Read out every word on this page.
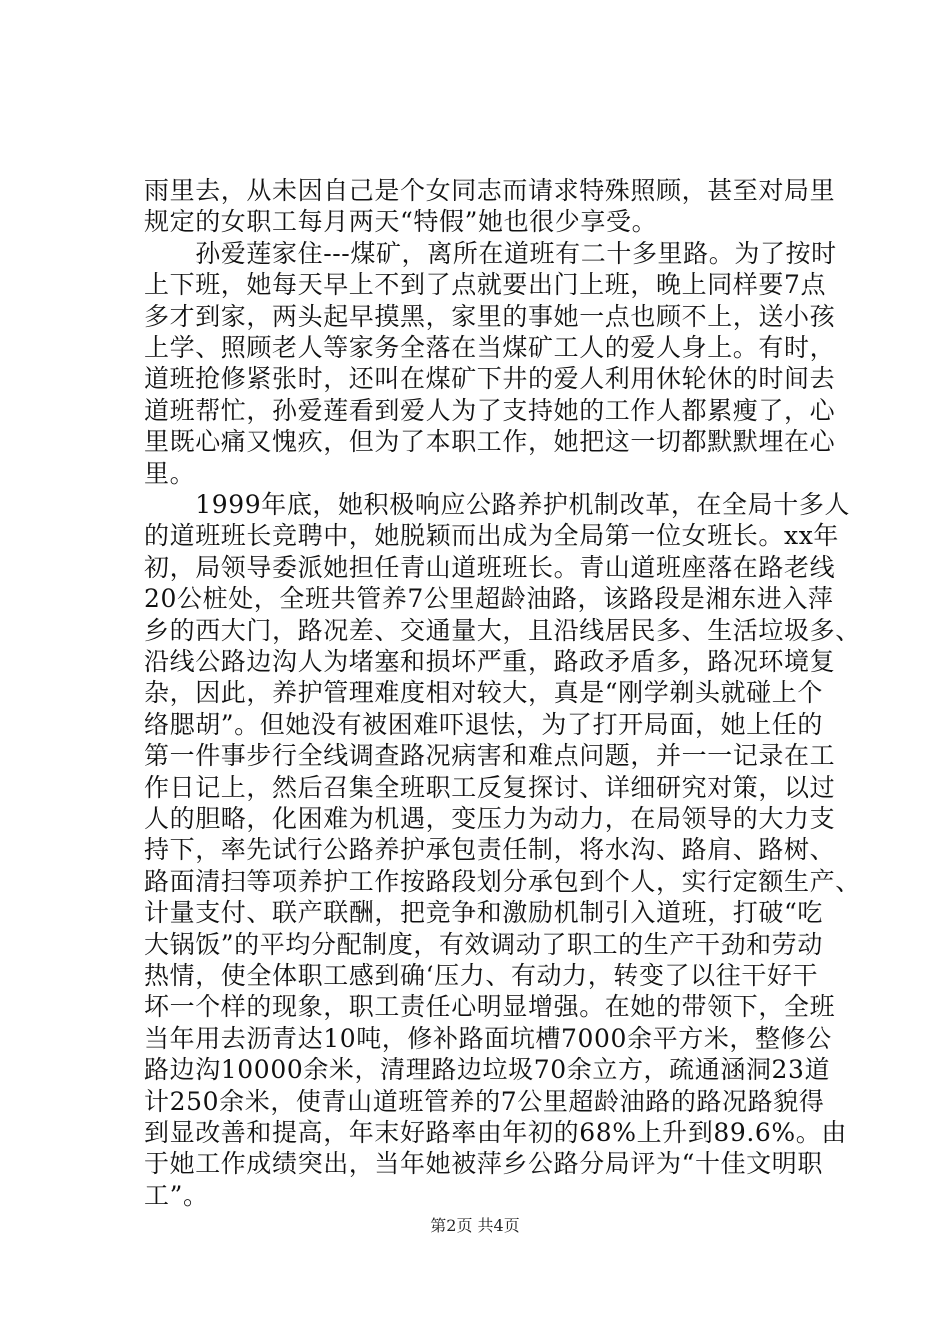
雨里去，从未因自己是个女同志而请求特殊照顾，甚至对局里
规定的女职工每月两天“特假”她也很少享受。
　　孙爱莲家住---煤矿，离所在道班有二十多里路。为了按时
上下班，她每天早上不到了点就要出门上班，晚上同样要7点
多才到家，两头起早摸黑，家里的事她一点也顾不上，送小孩
上学、照顾老人等家务全落在当煤矿工人的爱人身上。有时，
道班抢修紧张时，还叫在煤矿下井的爱人利用休轮休的时间去
道班帮忙，孙爱莲看到爱人为了支持她的工作人都累瘦了，心
里既心痛又愧疚，但为了本职工作，她把这一切都默默埋在心
里。
　　1999年底，她积极响应公路养护机制改革，在全局十多人
的道班班长竞聘中，她脱颖而出成为全局第一位女班长。xx年
初，局领导委派她担任青山道班班长。青山道班座落在路老线
20公桩处，全班共管养7公里超龄油路，该路段是湘东进入萍
乡的西大门，路况差、交通量大，且沿线居民多、生活垃圾多、
沿线公路边沟人为堵塞和损坏严重，路政矛盾多，路况环境复
杂，因此，养护管理难度相对较大，真是“刚学剃头就碰上个
络腮胡”。但她没有被困难吓退怯，为了打开局面，她上任的
第一件事步行全线调查路况病害和难点问题，并一一记录在工
作日记上，然后召集全班职工反复探讨、详细研究对策，以过
人的胆略，化困难为机遇，变压力为动力，在局领导的大力支
持下，率先试行公路养护承包责任制，将水沟、路肩、路树、
路面清扫等项养护工作按路段划分承包到个人，实行定额生产、
计量支付、联产联酬，把竞争和激励机制引入道班，打破“吃
大锅饭”的平均分配制度，有效调动了职工的生产干劲和劳动
热情，使全体职工感到确‘压力、有动力，转变了以往干好干
坏一个样的现象，职工责任心明显增强。在她的带领下，全班
当年用去沥青达10吨，修补路面坑槽7000余平方米，整修公
路边沟10000余米，清理路边垃圾70余立方，疏通涵洞23道
计250余米，使青山道班管养的7公里超龄油路的路况路貌得
到显改善和提高，年末好路率由年初的68%上升到89.6%。由
于她工作成绩突出，当年她被萍乡公路分局评为“十佳文明职
工”。
第2页 共4页
